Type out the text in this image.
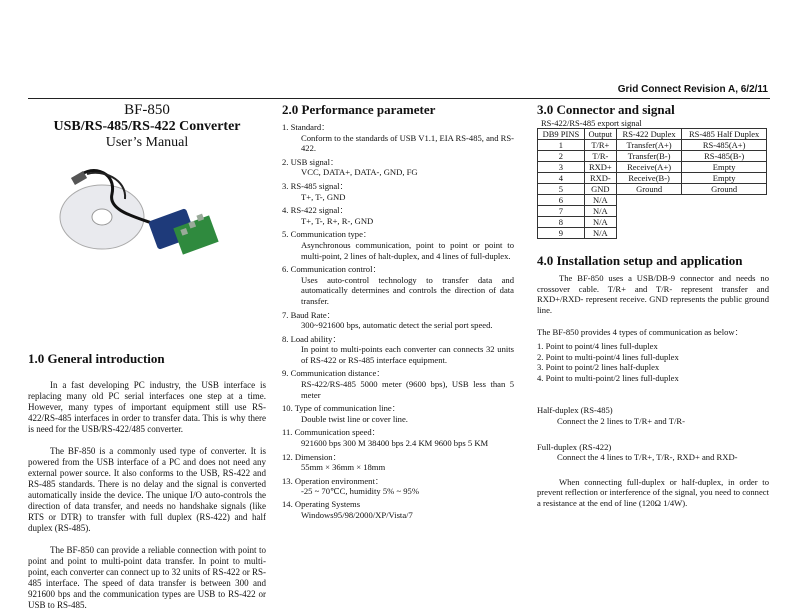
Grid Connect Revision A, 6/2/11
BF-850
USB/RS-485/RS-422 Converter
User’s Manual
1.0 General introduction

In a fast developing PC industry, the USB interface is replacing many old PC serial interfaces one step at a time. However, many types of important equipment still use RS-422/RS-485 interfaces in order to transfer data. This is why there is need for the USB/RS-422/485 converter.

The BF-850 is a commonly used type of converter. It is powered from the USB interface of a PC and does not need any external power source. It also conforms to the USB, RS-422 and RS-485 standards. There is no delay and the signal is converted automatically inside the device. The unique I/O auto-controls the direction of data transfer, and needs no handshake signals (like RTS or DTR) to transfer with full duplex (RS-422) and half duplex (RS-485).

The BF-850 can provide a reliable connection with point to point and point to multi-point data transfer. In point to multi-point, each converter can connect up to 32 units of RS-422 or RS-485 interface. The speed of data transfer is between 300 and 921600 bps and the communication types are USB to RS-422 or USB to RS-485.

2.0 Performance parameter
1. Standard：
Conform to the standards of USB V1.1, EIA RS-485, and RS-422.
2. USB signal：
VCC, DATA+, DATA-, GND, FG
3. RS-485 signal：
T+, T-, GND
4. RS-422 signal：
T+, T-, R+, R-, GND
5. Communication type：
Asynchronous communication, point to point or point to multi-point, 2 lines of halt-duplex, and 4 lines of full-duplex.
6. Communication control：
Uses auto-control technology to transfer data and automatically determines and controls the direction of data transfer.
7. Baud Rate：
300~921600 bps, automatic detect the serial port speed.
8. Load ability：
In point to multi-points each converter can connects 32 units of RS-422 or RS-485 interface equipment.
9. Communication distance：
RS-422/RS-485 5000 meter (9600 bps), USB less than 5 meter
10. Type of communication line：
Double twist line or cover line.
11. Communication speed：
921600 bps 300 M 38400 bps 2.4 KM 9600 bps 5 KM
12. Dimension：
55mm × 36mm × 18mm
13. Operation environment：
-25 ~ 70℃C, humidity 5% ~ 95%
14. Operating Systems
Windows95/98/2000/XP/Vista/7
3.0 Connector and signal
RS-422/RS-485 export signal
DB9 PINS	Output	RS-422 Duplex	RS-485 Half Duplex
1	T/R+	Transfer(A+)	RS-485(A+)
2	T/R-	Transfer(B-)	RS-485(B-)
3	RXD+	Receive(A+)	Empty
4	RXD-	Receive(B-)	Empty
5	GND	Ground	Ground
6	N/A		
7	N/A		
8	N/A		
9	N/A		
4.0 Installation setup and application

The BF-850 uses a USB/DB-9 connector and needs no crossover cable. T/R+ and T/R- represent transfer and RXD+/RXD- represent receive. GND represents the public ground line.

The BF-850 provides 4 types of communication as below：

1. Point to point/4 lines full-duplex
2. Point to multi-point/4 lines full-duplex
3. Point to point/2 lines half-duplex
4. Point to multi-point/2 lines full-duplex
Half-duplex (RS-485)
Connect the 2 lines to T/R+ and T/R-
Full-duplex (RS-422)
Connect the 4 lines to T/R+, T/R-, RXD+ and RXD-

When connecting full-duplex or half-duplex, in order to prevent reflection or interference of the signal, you need to connect a resistance at the end of line (120Ω 1/4W).
